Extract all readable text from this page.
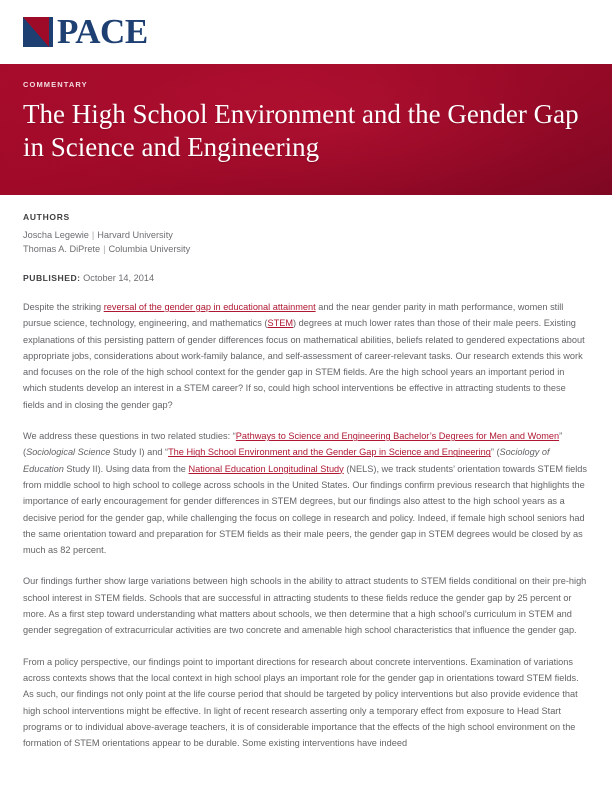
PACE
COMMENTARY
The High School Environment and the Gender Gap in Science and Engineering
AUTHORS
Joscha Legewie | Harvard University
Thomas A. DiPrete | Columbia University
PUBLISHED: October 14, 2014

Despite the striking reversal of the gender gap in educational attainment and the near gender parity in math performance, women still pursue science, technology, engineering, and mathematics (STEM) degrees at much lower rates than those of their male peers. Existing explanations of this persisting pattern of gender differences focus on mathematical abilities, beliefs related to gendered expectations about appropriate jobs, considerations about work-family balance, and self-assessment of career-relevant tasks. Our research extends this work and focuses on the role of the high school context for the gender gap in STEM fields. Are the high school years an important period in which students develop an interest in a STEM career? If so, could high school interventions be effective in attracting students to these fields and in closing the gender gap?

We address these questions in two related studies: “Pathways to Science and Engineering Bachelor’s Degrees for Men and Women” (Sociological Science Study I) and “The High School Environment and the Gender Gap in Science and Engineering” (Sociology of Education Study II). Using data from the National Education Longitudinal Study (NELS), we track students’ orientation towards STEM fields from middle school to high school to college across schools in the United States. Our findings confirm previous research that highlights the importance of early encouragement for gender differences in STEM degrees, but our findings also attest to the high school years as a decisive period for the gender gap, while challenging the focus on college in research and policy. Indeed, if female high school seniors had the same orientation toward and preparation for STEM fields as their male peers, the gender gap in STEM degrees would be closed by as much as 82 percent.

Our findings further show large variations between high schools in the ability to attract students to STEM fields conditional on their pre-high school interest in STEM fields. Schools that are successful in attracting students to these fields reduce the gender gap by 25 percent or more. As a first step toward understanding what matters about schools, we then determine that a high school’s curriculum in STEM and gender segregation of extracurricular activities are two concrete and amenable high school characteristics that influence the gender gap.

From a policy perspective, our findings point to important directions for research about concrete interventions. Examination of variations across contexts shows that the local context in high school plays an important role for the gender gap in orientations toward STEM fields. As such, our findings not only point at the life course period that should be targeted by policy interventions but also provide evidence that high school interventions might be effective. In light of recent research asserting only a temporary effect from exposure to Head Start programs or to individual above-average teachers, it is of considerable importance that the effects of the high school environment on the formation of STEM orientations appear to be durable. Some existing interventions have indeed
